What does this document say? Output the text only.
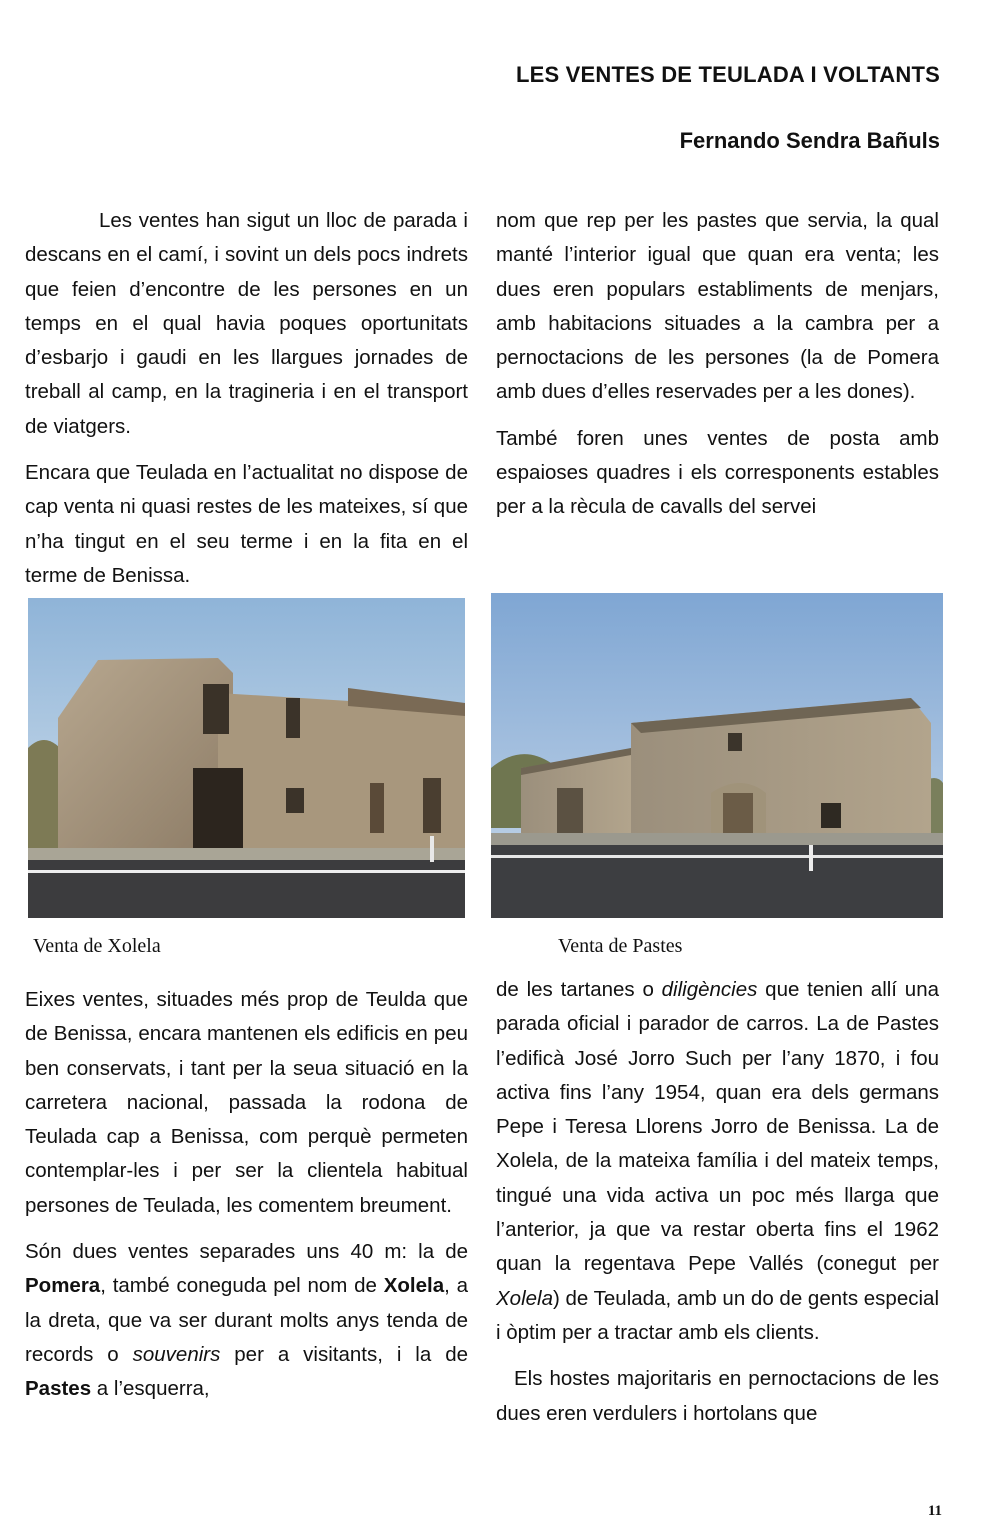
LES VENTES DE TEULADA I VOLTANTS
Fernando Sendra Bañuls

Les ventes han sigut un lloc de parada i descans en el camí, i sovint un dels pocs indrets que feien d’encontre de les persones en un temps en el qual havia poques oportunitats d’esbarjo i gaudi en les llargues jornades de treball al camp, en la tragineria i en el transport de viatgers.

Encara que Teulada en l’actualitat no dispose de cap venta ni quasi restes de les mateixes, sí que n’ha tingut en el seu terme i en la fita en el terme de Benissa.

nom que rep per les pastes que servia, la qual manté l’interior igual que quan era venta; les dues eren populars establiments de menjars, amb habitacions situades a la cambra per a pernoctacions de les persones (la de Pomera amb dues d’elles reservades per a les dones).

També foren unes ventes de posta amb espaioses quadres i els corresponents estables per a la rècula de cavalls del servei

Venta de Xolela	Venta de Pastes

Eixes ventes, situades més prop de Teulda que de Benissa, encara mantenen els edificis en peu ben conservats, i tant per la seua situació en la carretera nacional, passada la rodona de Teulada cap a Benissa, com perquè permeten contemplar-les i per ser la clientela habitual persones de Teulada, les comentem breument.

Són dues ventes separades uns 40 m: la de Pomera, també coneguda pel nom de Xolela, a la dreta, que va ser durant molts anys tenda de records o souvenirs per a visitants, i la de Pastes a l’esquerra,

de les tartanes o diligències que tenien allí una parada oficial i parador de carros. La de Pastes l’edificà José Jorro Such per l’any 1870, i fou activa fins l’any 1954, quan era dels germans Pepe i Teresa Llorens Jorro de Benissa. La de Xolela, de la mateixa família i del mateix temps, tingué una vida activa un poc més llarga que l’anterior, ja que va restar oberta fins el 1962 quan la regentava Pepe Vallés (conegut per Xolela) de Teulada, amb un do de gents especial i òptim per a tractar amb els clients.

Els hostes majoritaris en pernoctacions de les dues eren verdulers i hortolans que

11
